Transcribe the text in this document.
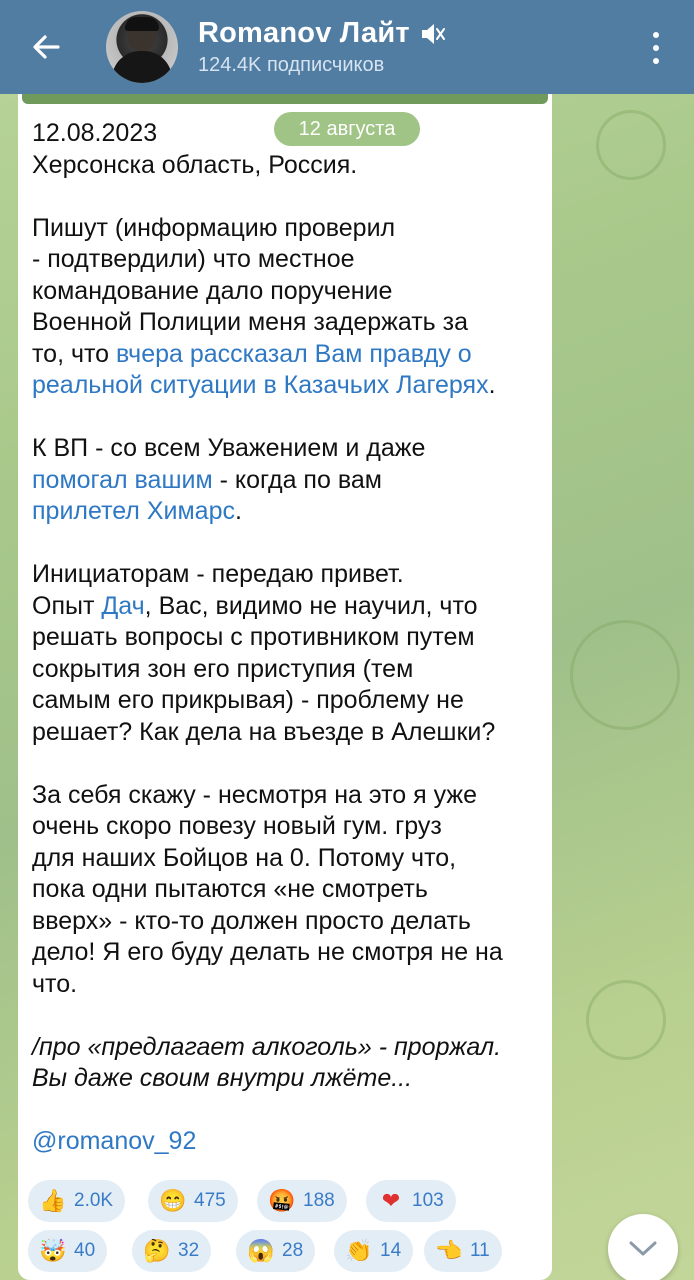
Romanov Лайт
124.4K подписчиков

12.08.2023

Херсонска область, Россия.

Пишут (информацию проверил
- подтвердили) что местное
командование дало поручение
Военной Полиции меня задержать за
то, что вчера рассказал Вам правду о
реальной ситуации в Казачьих Лагерях.

К ВП - со всем Уважением и даже
помогал вашим - когда по вам
прилетел Химарс.

Инициаторам - передаю привет.
Опыт Дач, Вас, видимо не научил, что
решать вопросы с противником путем
сокрытия зон его приступия (тем
самым его прикрывая) - проблему не
решает? Как дела на въезде в Алешки?

За себя скажу - несмотря на это я уже
очень скоро повезу новый гум. груз
для наших Бойцов на 0. Потому что,
пока одни пытаются «не смотреть
вверх» - кто-то должен просто делать
дело! Я его буду делать не смотря не на
что.

/про «предлагает алкоголь» - проржал.
Вы даже своим внутри лжёте...

@romanov_92

12 августа
👍 2.0K 😁 475 🤬 188 ❤ 103
🤯 40 🤔 32 😱 28 👏 14 👈 11
